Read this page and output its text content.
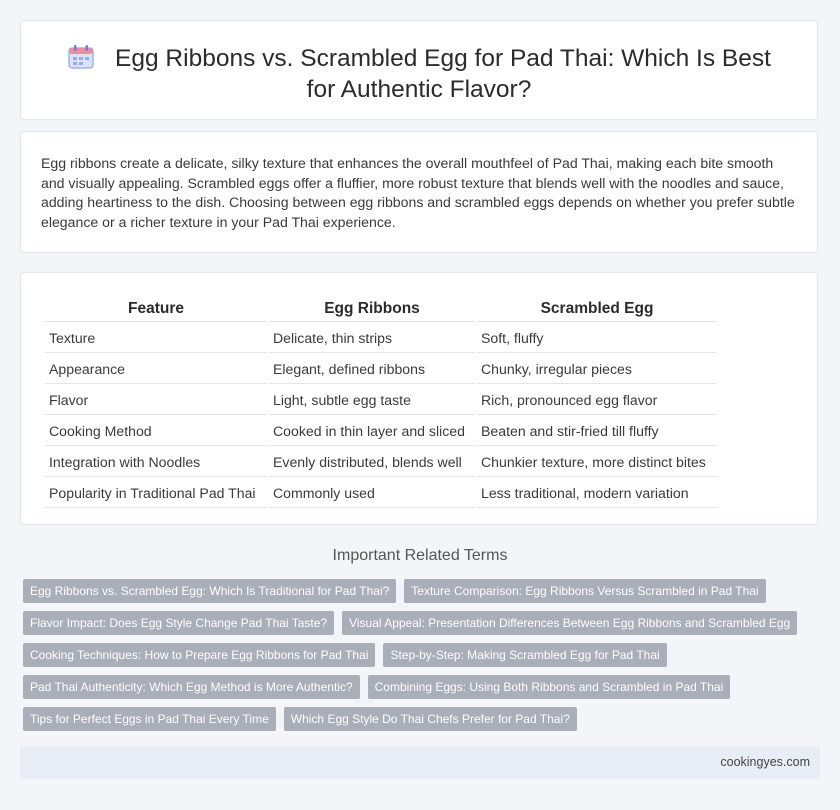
Egg Ribbons vs. Scrambled Egg for Pad Thai: Which Is Best for Authentic Flavor?

Egg ribbons create a delicate, silky texture that enhances the overall mouthfeel of Pad Thai, making each bite smooth and visually appealing. Scrambled eggs offer a fluffier, more robust texture that blends well with the noodles and sauce, adding heartiness to the dish. Choosing between egg ribbons and scrambled eggs depends on whether you prefer subtle elegance or a richer texture in your Pad Thai experience.

Feature	Egg Ribbons	Scrambled Egg
Texture	Delicate, thin strips	Soft, fluffy
Appearance	Elegant, defined ribbons	Chunky, irregular pieces
Flavor	Light, subtle egg taste	Rich, pronounced egg flavor
Cooking Method	Cooked in thin layer and sliced	Beaten and stir-fried till fluffy
Integration with Noodles	Evenly distributed, blends well	Chunkier texture, more distinct bites
Popularity in Traditional Pad Thai	Commonly used	Less traditional, modern variation
Important Related Terms
Egg Ribbons vs. Scrambled Egg: Which Is Traditional for Pad Thai?	Texture Comparison: Egg Ribbons Versus Scrambled in Pad Thai
Flavor Impact: Does Egg Style Change Pad Thai Taste?	Visual Appeal: Presentation Differences Between Egg Ribbons and Scrambled Egg
Cooking Techniques: How to Prepare Egg Ribbons for Pad Thai	Step-by-Step: Making Scrambled Egg for Pad Thai
Pad Thai Authenticity: Which Egg Method is More Authentic?	Combining Eggs: Using Both Ribbons and Scrambled in Pad Thai
Tips for Perfect Eggs in Pad Thai Every Time	Which Egg Style Do Thai Chefs Prefer for Pad Thai?
cookingyes.com
